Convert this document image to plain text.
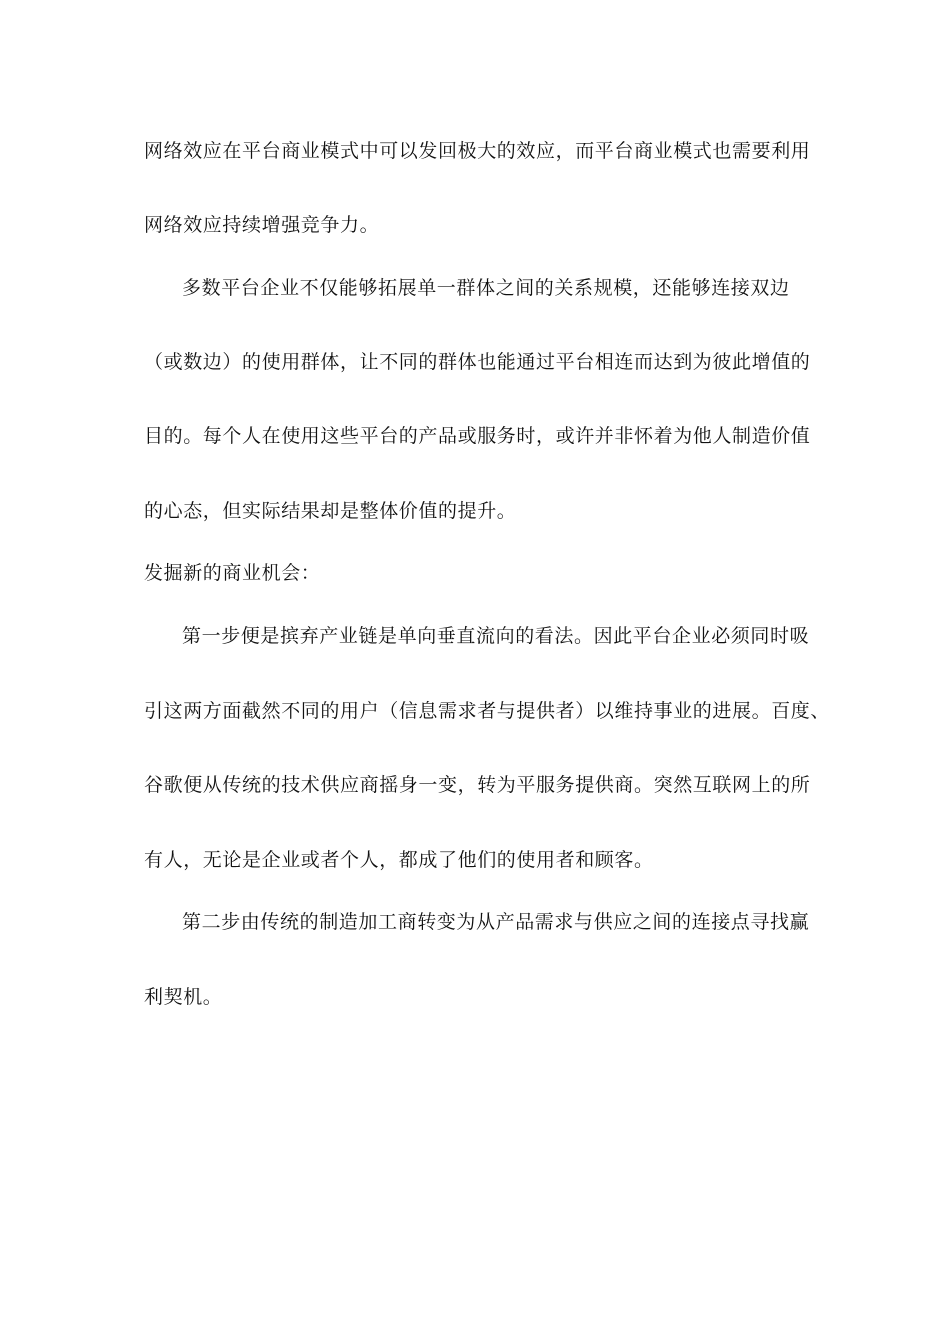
网络效应在平台商业模式中可以发回极大的效应，而平台商业模式也需要利用
网络效应持续增强竞争力。
多数平台企业不仅能够拓展单一群体之间的关系规模，还能够连接双边
（或数边）的使用群体，让不同的群体也能通过平台相连而达到为彼此增值的
目的。每个人在使用这些平台的产品或服务时，或许并非怀着为他人制造价值
的心态，但实际结果却是整体价值的提升。
发掘新的商业机会：
第一步便是摈弃产业链是单向垂直流向的看法。因此平台企业必须同时吸
引这两方面截然不同的用户（信息需求者与提供者）以维持事业的进展。百度、
谷歌便从传统的技术供应商摇身一变，转为平服务提供商。突然互联网上的所
有人，无论是企业或者个人，都成了他们的使用者和顾客。
第二步由传统的制造加工商转变为从产品需求与供应之间的连接点寻找赢
利契机。
